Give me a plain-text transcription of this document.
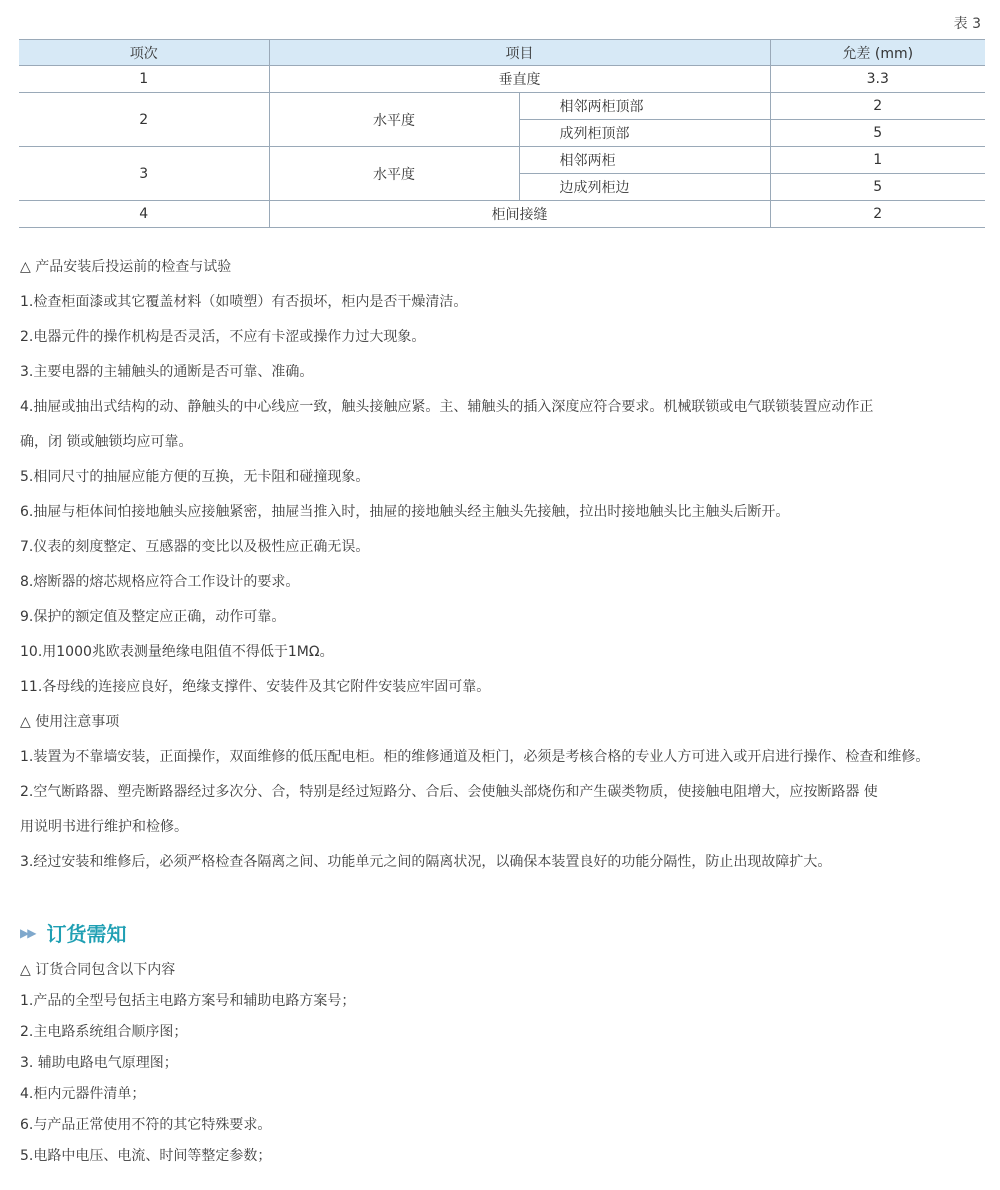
表 3
项次	项目		允差 (mm)
1	垂直度		3.3
2	水平度	相邻两柜顶部	2
		成列柜顶部	5
3	水平度	相邻两柜	1
		边成列柜边	5
4	柜间接缝		2

△ 产品安装后投运前的检查与试验

1.检查柜面漆或其它覆盖材料（如喷塑）有否损坏，柜内是否干燥清洁。

2.电器元件的操作机构是否灵活，不应有卡涩或操作力过大现象。

3.主要电器的主辅触头的通断是否可靠、准确。

4.抽屉或抽出式结构的动、静触头的中心线应一致，触头接触应紧。主、辅触头的插入深度应符合要求。机械联锁或电气联锁装置应动作正

确，闭 锁或触锁均应可靠。

5.相同尺寸的抽屉应能方便的互换，无卡阻和碰撞现象。

6.抽屉与柜体间怕接地触头应接触紧密，抽屉当推入时，抽屉的接地触头经主触头先接触，拉出时接地触头比主触头后断开。

7.仪表的刻度整定、互感器的变比以及极性应正确无误。

8.熔断器的熔芯规格应符合工作设计的要求。

9.保护的额定值及整定应正确，动作可靠。

10.用1000兆欧表测量绝缘电阻值不得低于1MΩ。

11.各母线的连接应良好，绝缘支撑件、安装件及其它附件安装应牢固可靠。

△ 使用注意事项

1.装置为不靠墙安装，正面操作，双面维修的低压配电柜。柜的维修通道及柜门，必须是考核合格的专业人方可进入或开启进行操作、检查和维修。

2.空气断路器、塑壳断路器经过多次分、合，特别是经过短路分、合后、会使触头部烧伤和产生碳类物质，使接触电阻增大，应按断路器 使

用说明书进行维护和检修。

3.经过安装和维修后，必须严格检查各隔离之间、功能单元之间的隔离状况，以确保本装置良好的功能分隔性，防止出现故障扩大。

▶▶ 订货需知

△ 订货合同包含以下内容

1.产品的全型号包括主电路方案号和辅助电路方案号；

2.主电路系统组合顺序图；

3. 辅助电路电气原理图；

4.柜内元器件清单；

6.与产品正常使用不符的其它特殊要求。

5.电路中电压、电流、时间等整定参数；
